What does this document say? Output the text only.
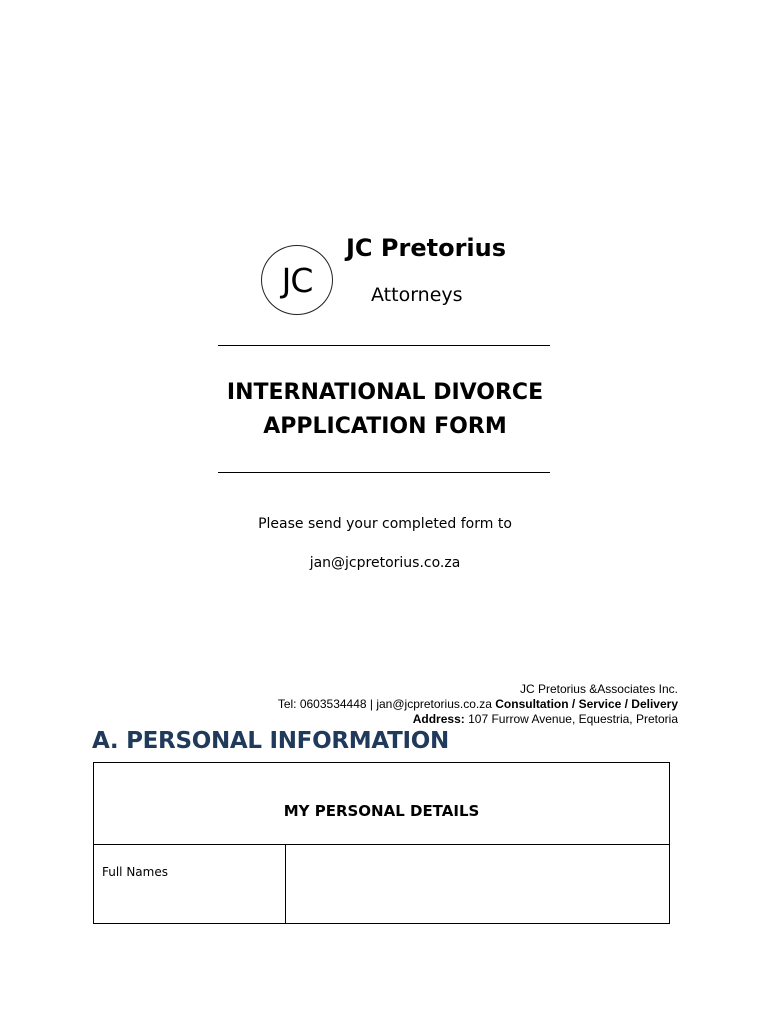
JC
JC Pretorius
Attorneys
INTERNATIONAL DIVORCE
APPLICATION FORM
Please send your completed form to
jan@jcpretorius.co.za
JC Pretorius &Associates Inc.
Tel: 0603534448 | jan@jcpretorius.co.za Consultation / Service / Delivery
Address: 107 Furrow Avenue, Equestria, Pretoria
A. PERSONAL INFORMATION
MY PERSONAL DETAILS
Full Names
